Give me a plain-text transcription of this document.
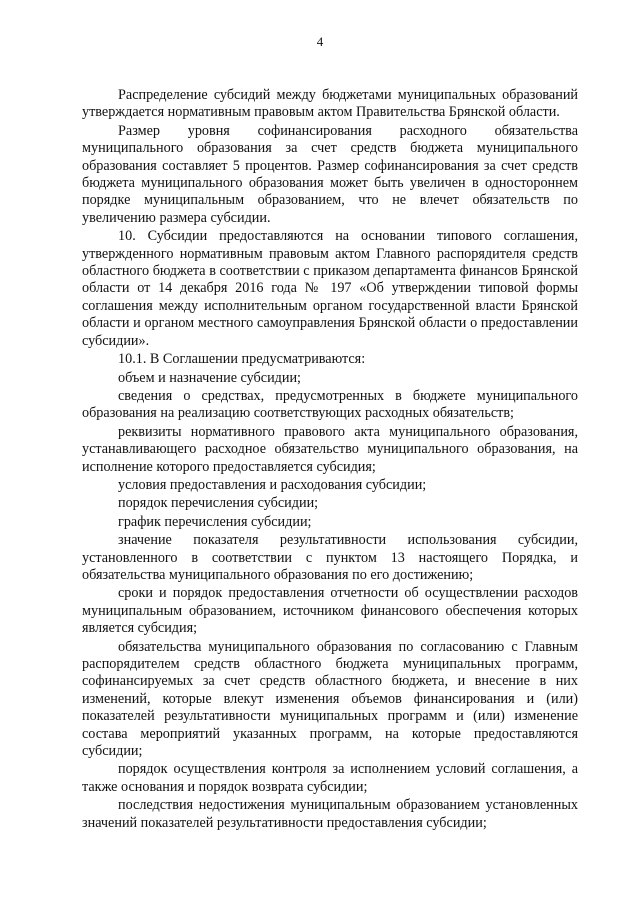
4

Распределение субсидий между бюджетами муниципальных образований утверждается нормативным правовым актом Правительства Брянской области.

Размер уровня софинансирования расходного обязательства муниципального образования за счет средств бюджета муниципального образования составляет 5 процентов. Размер софинансирования за счет средств бюджета муниципального образования может быть увеличен в одностороннем порядке муниципальным образованием, что не влечет обязательств по увеличению размера субсидии.

10. Субсидии предоставляются на основании типового соглашения, утвержденного нормативным правовым актом Главного распорядителя средств областного бюджета в соответствии с приказом департамента финансов Брянской области от 14 декабря 2016 года № 197 «Об утверждении типовой формы соглашения между исполнительным органом государственной власти Брянской области и органом местного самоуправления Брянской области о предоставлении субсидии».

10.1. В Соглашении предусматриваются:

объем и назначение субсидии;

сведения о средствах, предусмотренных в бюджете муниципального образования на реализацию соответствующих расходных обязательств;

реквизиты нормативного правового акта муниципального образования, устанавливающего расходное обязательство муниципального образования, на исполнение которого предоставляется субсидия;

условия предоставления и расходования субсидии;

порядок перечисления субсидии;

график перечисления субсидии;

значение показателя результативности использования субсидии, установленного в соответствии с пунктом 13 настоящего Порядка, и обязательства муниципального образования по его достижению;

сроки и порядок предоставления отчетности об осуществлении расходов муниципальным образованием, источником финансового обеспечения которых является субсидия;

обязательства муниципального образования по согласованию с Главным распорядителем средств областного бюджета муниципальных программ, софинансируемых за счет средств областного бюджета, и внесение в них изменений, которые влекут изменения объемов финансирования и (или) показателей результативности муниципальных программ и (или) изменение состава мероприятий указанных программ, на которые предоставляются субсидии;

порядок осуществления контроля за исполнением условий соглашения, а также основания и порядок возврата субсидии;

последствия недостижения муниципальным образованием установленных значений показателей результативности предоставления субсидии;
